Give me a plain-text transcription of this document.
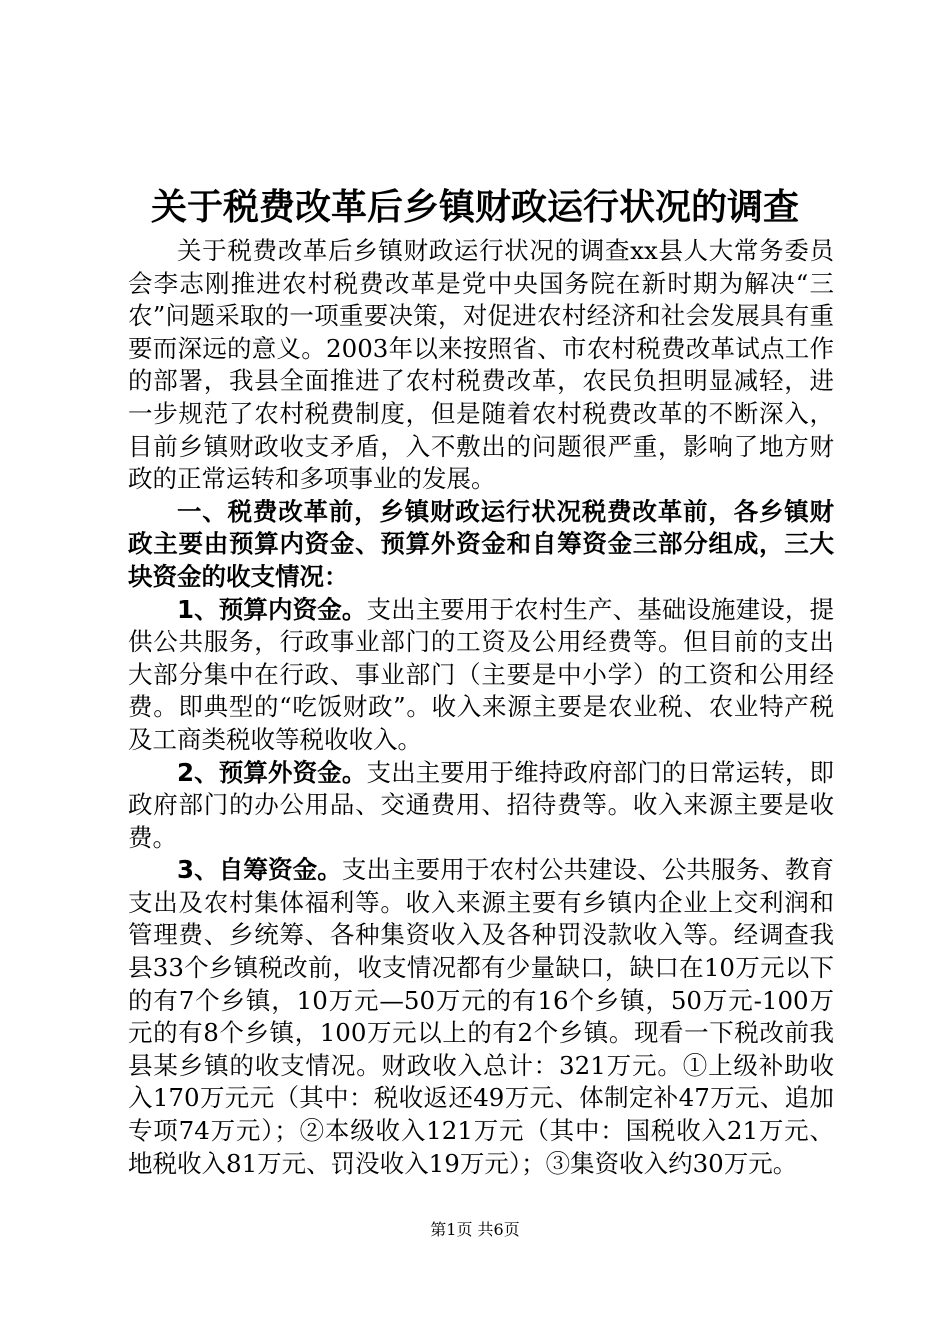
关于税费改革后乡镇财政运行状况的调查

关于税费改革后乡镇财政运行状况的调查xx县人大常务委员会李志刚推进农村税费改革是党中央国务院在新时期为解决“三农”问题采取的一项重要决策，对促进农村经济和社会发展具有重要而深远的意义。2003年以来按照省、市农村税费改革试点工作的部署，我县全面推进了农村税费改革，农民负担明显减轻，进一步规范了农村税费制度，但是随着农村税费改革的不断深入，目前乡镇财政收支矛盾，入不敷出的问题很严重，影响了地方财政的正常运转和多项事业的发展。

一、税费改革前，乡镇财政运行状况税费改革前，各乡镇财政主要由预算内资金、预算外资金和自筹资金三部分组成，三大块资金的收支情况：

1、预算内资金。支出主要用于农村生产、基础设施建设，提供公共服务，行政事业部门的工资及公用经费等。但目前的支出大部分集中在行政、事业部门（主要是中小学）的工资和公用经费。即典型的“吃饭财政”。收入来源主要是农业税、农业特产税及工商类税收等税收收入。

2、预算外资金。支出主要用于维持政府部门的日常运转，即政府部门的办公用品、交通费用、招待费等。收入来源主要是收费。

3、自筹资金。支出主要用于农村公共建设、公共服务、教育支出及农村集体福利等。收入来源主要有乡镇内企业上交利润和管理费、乡统筹、各种集资收入及各种罚没款收入等。经调查我县33个乡镇税改前，收支情况都有少量缺口，缺口在10万元以下的有7个乡镇，10万元—50万元的有16个乡镇，50万元-100万元的有8个乡镇，100万元以上的有2个乡镇。现看一下税改前我县某乡镇的收支情况。财政收入总计：321万元。①上级补助收入170万元元（其中：税收返还49万元、体制定补47万元、追加专项74万元）；②本级收入121万元（其中：国税收入21万元、地税收入81万元、罚没收入19万元）；③集资收入约30万元。

第1页 共6页
